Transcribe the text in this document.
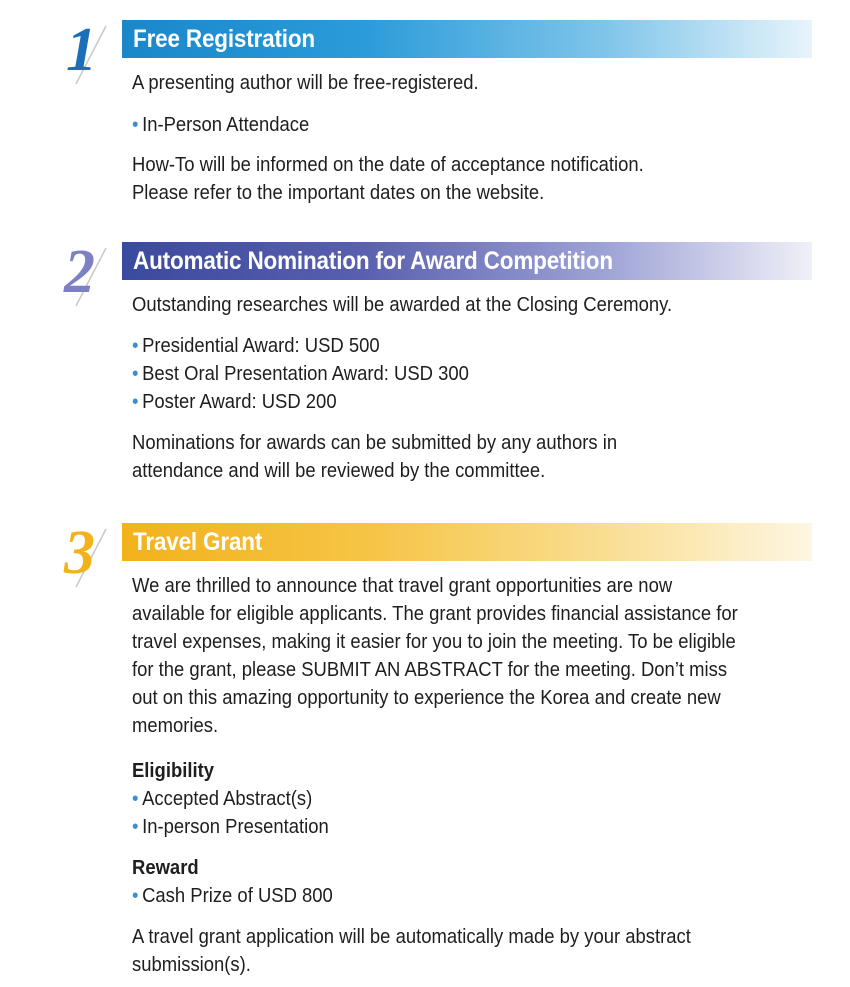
1 Free Registration
A presenting author will be free-registered.
• In-Person Attendace
How-To will be informed on the date of acceptance notification.
Please refer to the important dates on the website.
2 Automatic Nomination for Award Competition
Outstanding researches will be awarded at the Closing Ceremony.
• Presidential Award: USD 500
• Best Oral Presentation Award: USD 300
• Poster Award: USD 200
Nominations for awards can be submitted by any authors in
attendance and will be reviewed by the committee.
3 Travel Grant
We are thrilled to announce that travel grant opportunities are now
available for eligible applicants. The grant provides financial assistance for
travel expenses, making it easier for you to join the meeting. To be eligible
for the grant, please SUBMIT AN ABSTRACT for the meeting. Don’t miss
out on this amazing opportunity to experience the Korea and create new
memories.
Eligibility
• Accepted Abstract(s)
• In-person Presentation
Reward
• Cash Prize of USD 800
A travel grant application will be automatically made by your abstract
submission(s).
